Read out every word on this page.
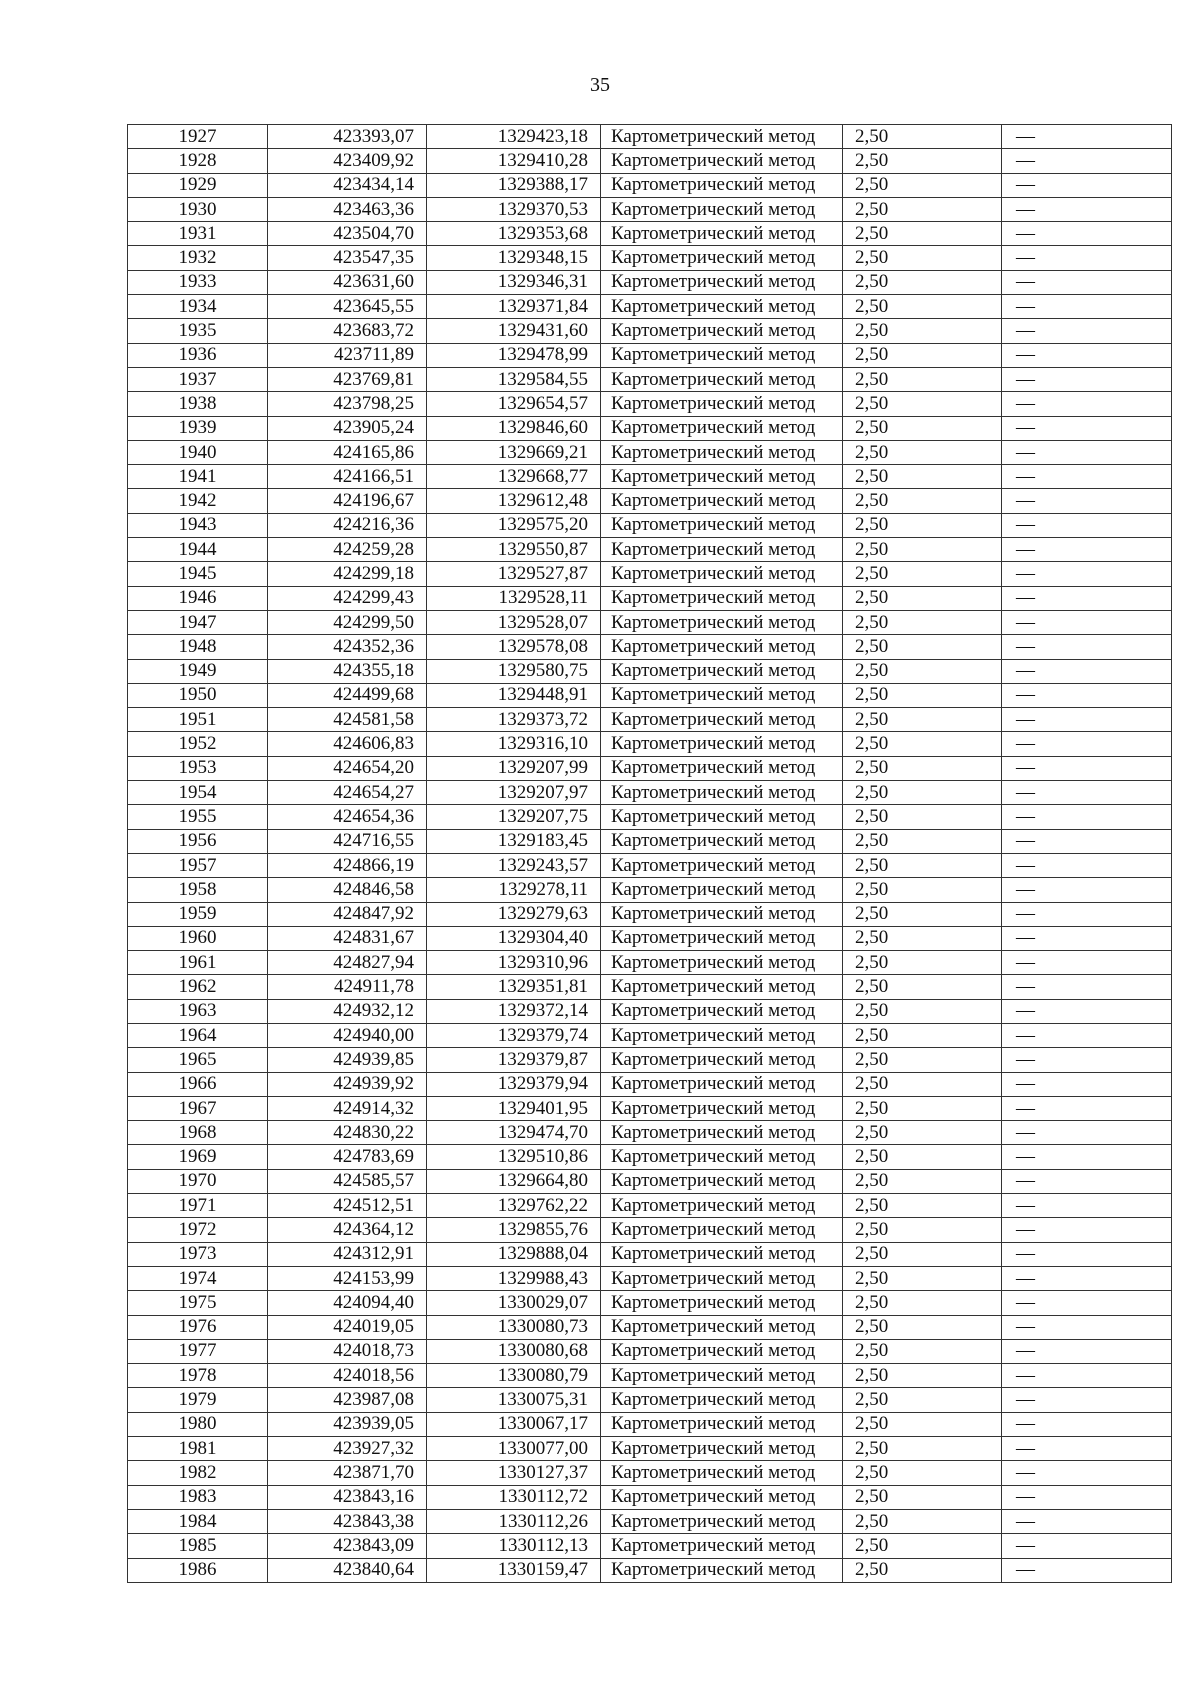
35
1927	423393,07	1329423,18	Картометрический метод	2,50	—
1928	423409,92	1329410,28	Картометрический метод	2,50	—
1929	423434,14	1329388,17	Картометрический метод	2,50	—
1930	423463,36	1329370,53	Картометрический метод	2,50	—
1931	423504,70	1329353,68	Картометрический метод	2,50	—
1932	423547,35	1329348,15	Картометрический метод	2,50	—
1933	423631,60	1329346,31	Картометрический метод	2,50	—
1934	423645,55	1329371,84	Картометрический метод	2,50	—
1935	423683,72	1329431,60	Картометрический метод	2,50	—
1936	423711,89	1329478,99	Картометрический метод	2,50	—
1937	423769,81	1329584,55	Картометрический метод	2,50	—
1938	423798,25	1329654,57	Картометрический метод	2,50	—
1939	423905,24	1329846,60	Картометрический метод	2,50	—
1940	424165,86	1329669,21	Картометрический метод	2,50	—
1941	424166,51	1329668,77	Картометрический метод	2,50	—
1942	424196,67	1329612,48	Картометрический метод	2,50	—
1943	424216,36	1329575,20	Картометрический метод	2,50	—
1944	424259,28	1329550,87	Картометрический метод	2,50	—
1945	424299,18	1329527,87	Картометрический метод	2,50	—
1946	424299,43	1329528,11	Картометрический метод	2,50	—
1947	424299,50	1329528,07	Картометрический метод	2,50	—
1948	424352,36	1329578,08	Картометрический метод	2,50	—
1949	424355,18	1329580,75	Картометрический метод	2,50	—
1950	424499,68	1329448,91	Картометрический метод	2,50	—
1951	424581,58	1329373,72	Картометрический метод	2,50	—
1952	424606,83	1329316,10	Картометрический метод	2,50	—
1953	424654,20	1329207,99	Картометрический метод	2,50	—
1954	424654,27	1329207,97	Картометрический метод	2,50	—
1955	424654,36	1329207,75	Картометрический метод	2,50	—
1956	424716,55	1329183,45	Картометрический метод	2,50	—
1957	424866,19	1329243,57	Картометрический метод	2,50	—
1958	424846,58	1329278,11	Картометрический метод	2,50	—
1959	424847,92	1329279,63	Картометрический метод	2,50	—
1960	424831,67	1329304,40	Картометрический метод	2,50	—
1961	424827,94	1329310,96	Картометрический метод	2,50	—
1962	424911,78	1329351,81	Картометрический метод	2,50	—
1963	424932,12	1329372,14	Картометрический метод	2,50	—
1964	424940,00	1329379,74	Картометрический метод	2,50	—
1965	424939,85	1329379,87	Картометрический метод	2,50	—
1966	424939,92	1329379,94	Картометрический метод	2,50	—
1967	424914,32	1329401,95	Картометрический метод	2,50	—
1968	424830,22	1329474,70	Картометрический метод	2,50	—
1969	424783,69	1329510,86	Картометрический метод	2,50	—
1970	424585,57	1329664,80	Картометрический метод	2,50	—
1971	424512,51	1329762,22	Картометрический метод	2,50	—
1972	424364,12	1329855,76	Картометрический метод	2,50	—
1973	424312,91	1329888,04	Картометрический метод	2,50	—
1974	424153,99	1329988,43	Картометрический метод	2,50	—
1975	424094,40	1330029,07	Картометрический метод	2,50	—
1976	424019,05	1330080,73	Картометрический метод	2,50	—
1977	424018,73	1330080,68	Картометрический метод	2,50	—
1978	424018,56	1330080,79	Картометрический метод	2,50	—
1979	423987,08	1330075,31	Картометрический метод	2,50	—
1980	423939,05	1330067,17	Картометрический метод	2,50	—
1981	423927,32	1330077,00	Картометрический метод	2,50	—
1982	423871,70	1330127,37	Картометрический метод	2,50	—
1983	423843,16	1330112,72	Картометрический метод	2,50	—
1984	423843,38	1330112,26	Картометрический метод	2,50	—
1985	423843,09	1330112,13	Картометрический метод	2,50	—
1986	423840,64	1330159,47	Картометрический метод	2,50	—
